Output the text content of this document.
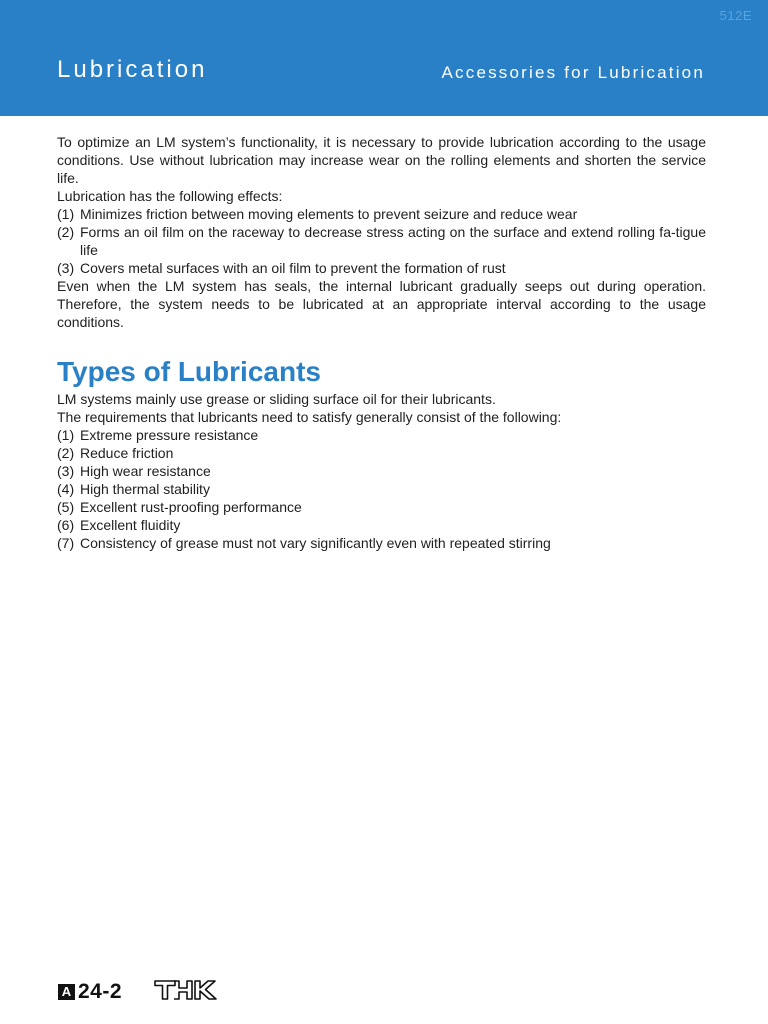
512E
Lubrication	Accessories for Lubrication

To optimize an LM system’s functionality, it is necessary to provide lubrication according to the usage conditions. Use without lubrication may increase wear on the rolling elements and shorten the service life.

Lubrication has the following effects:

(1) Minimizes friction between moving elements to prevent seizure and reduce wear
(2) Forms an oil film on the raceway to decrease stress acting on the surface and extend rolling fa-tigue life
(3) Covers metal surfaces with an oil film to prevent the formation of rust

Even when the LM system has seals, the internal lubricant gradually seeps out during operation. Therefore, the system needs to be lubricated at an appropriate interval according to the usage conditions.

Types of Lubricants

LM systems mainly use grease or sliding surface oil for their lubricants.

The requirements that lubricants need to satisfy generally consist of the following:

(1) Extreme pressure resistance
(2) Reduce friction
(3) High wear resistance
(4) High thermal stability
(5) Excellent rust-proofing performance
(6) Excellent fluidity
(7) Consistency of grease must not vary significantly even with repeated stirring
A 24-2
